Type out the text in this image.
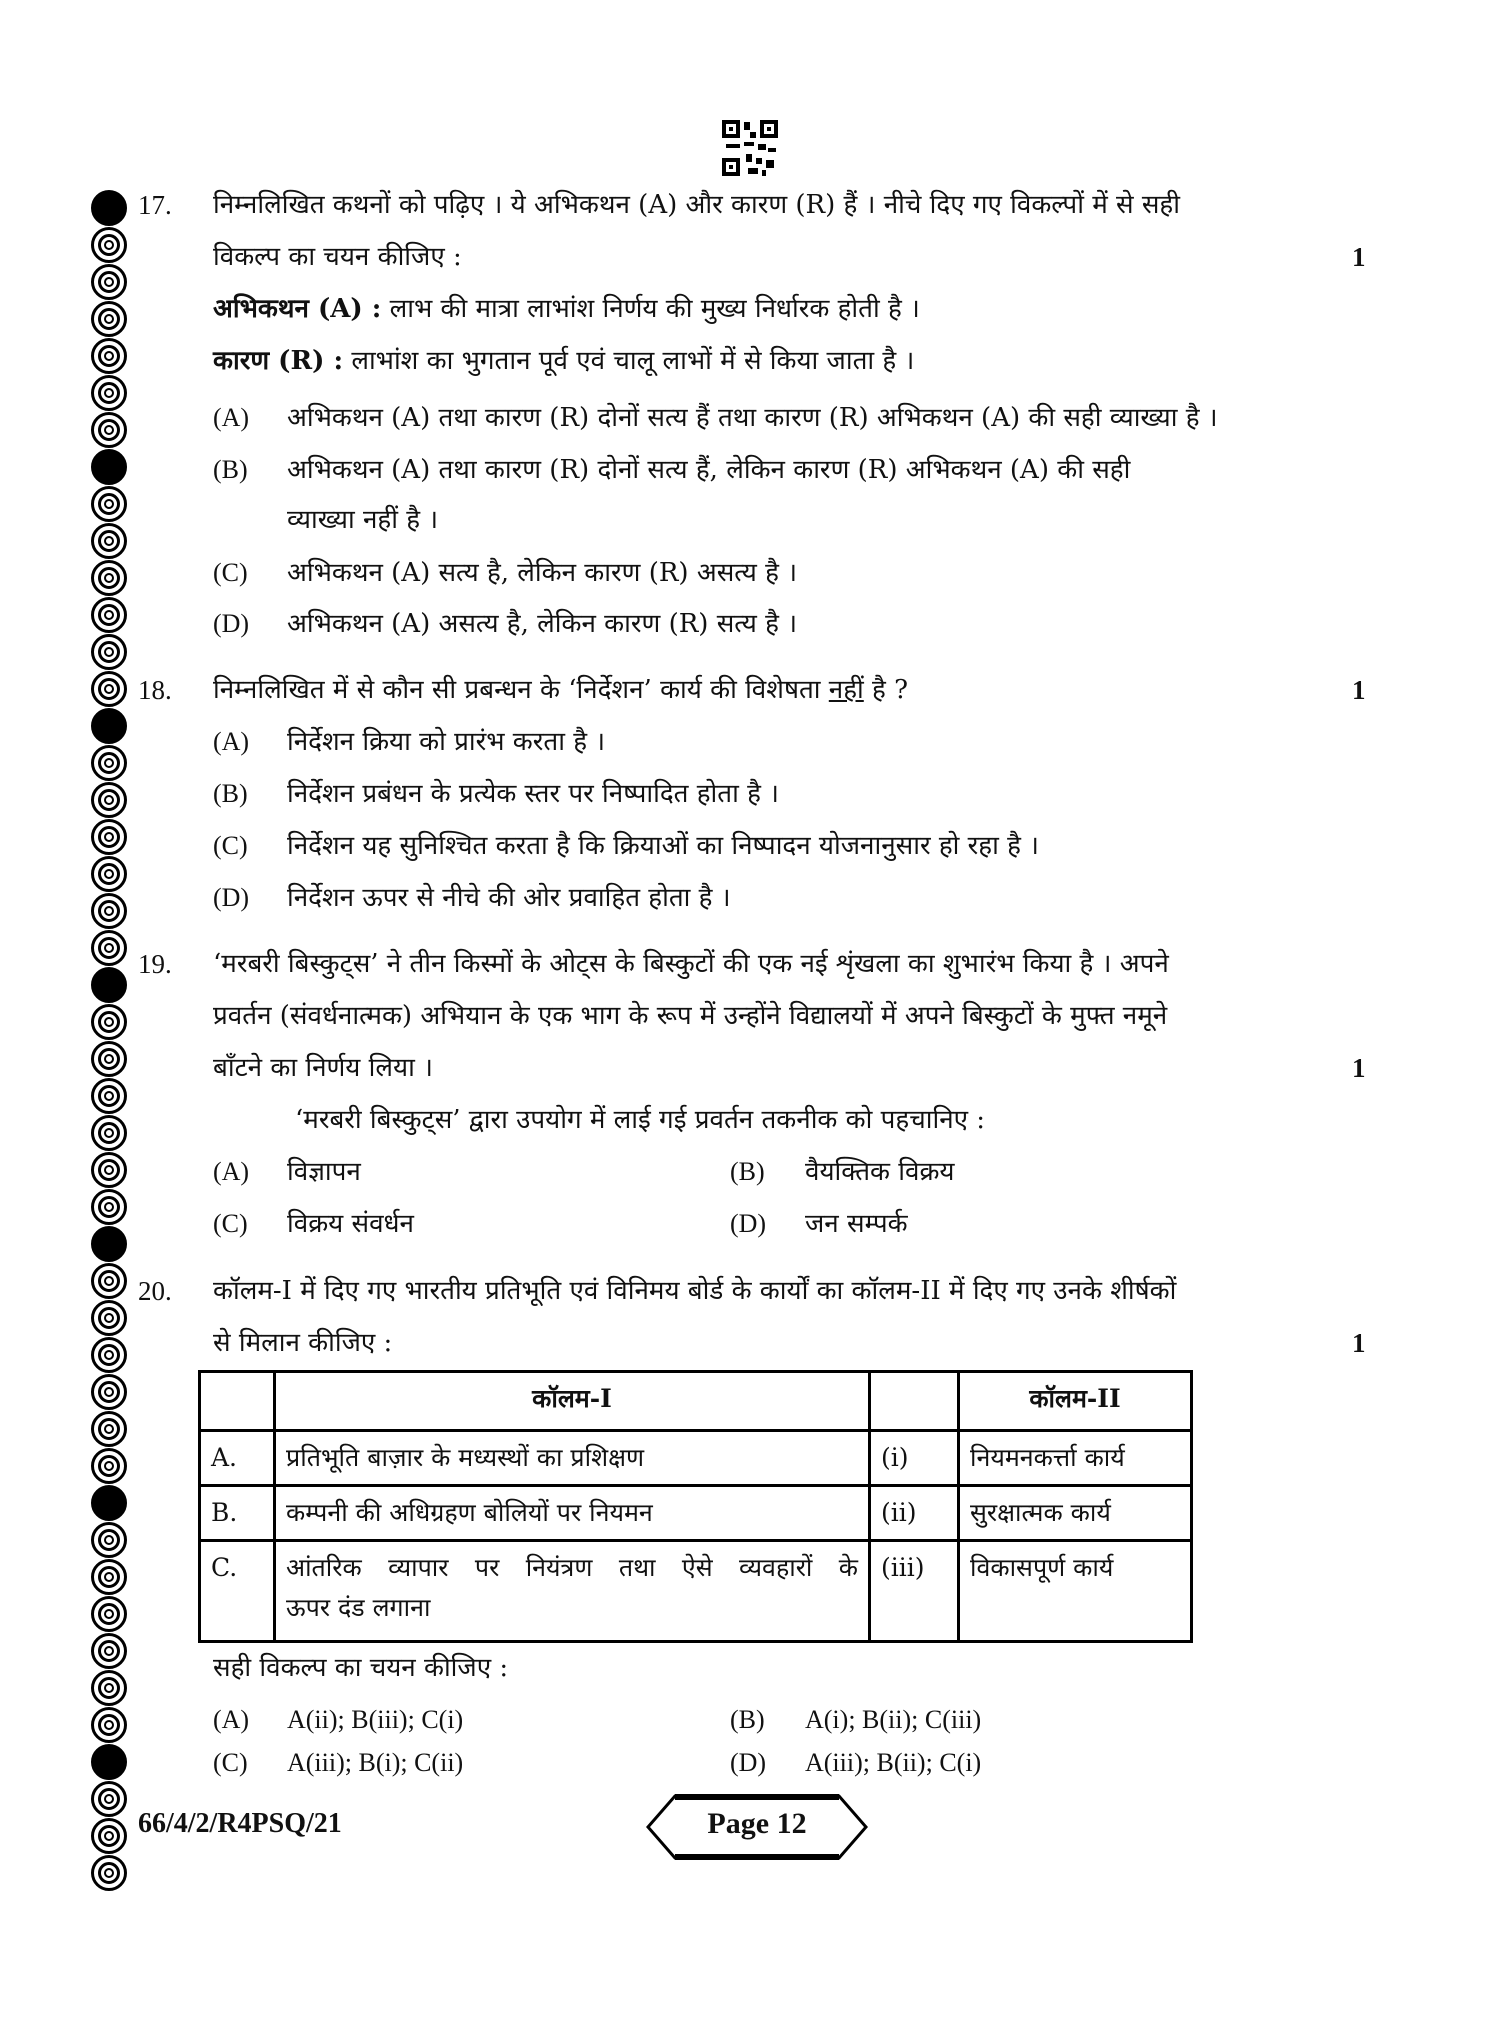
17. निम्नलिखित कथनों को पढ़िए । ये अभिकथन (A) और कारण (R) हैं । नीचे दिए गए विकल्पों में से सही
विकल्प का चयन कीजिए :	1
अभिकथन (A) : लाभ की मात्रा लाभांश निर्णय की मुख्य निर्धारक होती है ।
कारण (R) : लाभांश का भुगतान पूर्व एवं चालू लाभों में से किया जाता है ।
(A) अभिकथन (A) तथा कारण (R) दोनों सत्य हैं तथा कारण (R) अभिकथन (A) की सही व्याख्या है ।
(B) अभिकथन (A) तथा कारण (R) दोनों सत्य हैं, लेकिन कारण (R) अभिकथन (A) की सही
व्याख्या नहीं है ।
(C) अभिकथन (A) सत्य है, लेकिन कारण (R) असत्य है ।
(D) अभिकथन (A) असत्य है, लेकिन कारण (R) सत्य है ।
18. निम्नलिखित में से कौन सी प्रबन्धन के ‘निर्देशन’ कार्य की विशेषता नहीं है ?	1
(A) निर्देशन क्रिया को प्रारंभ करता है ।
(B) निर्देशन प्रबंधन के प्रत्येक स्तर पर निष्पादित होता है ।
(C) निर्देशन यह सुनिश्चित करता है कि क्रियाओं का निष्पादन योजनानुसार हो रहा है ।
(D) निर्देशन ऊपर से नीचे की ओर प्रवाहित होता है ।
19. ‘मरबरी बिस्कुट्स’ ने तीन किस्मों के ओट्स के बिस्कुटों की एक नई शृंखला का शुभारंभ किया है । अपने
प्रवर्तन (संवर्धनात्मक) अभियान के एक भाग के रूप में उन्होंने विद्यालयों में अपने बिस्कुटों के मुफ्त नमूने
बाँटने का निर्णय लिया ।	1
‘मरबरी बिस्कुट्स’ द्वारा उपयोग में लाई गई प्रवर्तन तकनीक को पहचानिए :
(A) विज्ञापन	(B) वैयक्तिक विक्रय
(C) विक्रय संवर्धन	(D) जन सम्पर्क
20. कॉलम-I में दिए गए भारतीय प्रतिभूति एवं विनिमय बोर्ड के कार्यों का कॉलम-II में दिए गए उनके शीर्षकों
से मिलान कीजिए :	1
	कॉलम-I		कॉलम-II
A.	प्रतिभूति बाज़ार के मध्यस्थों का प्रशिक्षण	(i)	नियमनकर्त्ता कार्य
B.	कम्पनी की अधिग्रहण बोलियों पर नियमन	(ii)	सुरक्षात्मक कार्य
C.	आंतरिक व्यापार पर नियंत्रण तथा ऐसे व्यवहारों के
ऊपर दंड लगाना	(iii)	विकासपूर्ण कार्य
सही विकल्प का चयन कीजिए :
(A) A(ii); B(iii); C(i)	(B) A(i); B(ii); C(iii)
(C) A(iii); B(i); C(ii)	(D) A(iii); B(ii); C(i)
66/4/2/R4PSQ/21	Page 12
